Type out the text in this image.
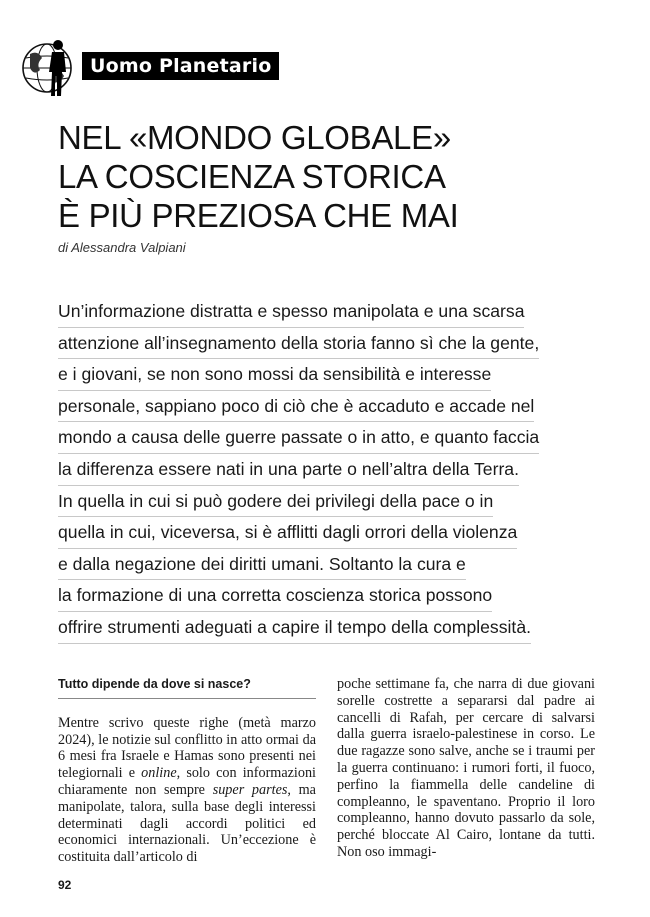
Uomo Planetario
NEL «MONDO GLOBALE»
LA COSCIENZA STORICA
È PIÙ PREZIOSA CHE MAI
di Alessandra Valpiani
Un’informazione distratta e spesso manipolata e una scarsa
attenzione all’insegnamento della storia fanno sì che la gente,
e i giovani, se non sono mossi da sensibilità e interesse
personale, sappiano poco di ciò che è accaduto e accade nel
mondo a causa delle guerre passate o in atto, e quanto faccia
la differenza essere nati in una parte o nell’altra della Terra.
In quella in cui si può godere dei privilegi della pace o in
quella in cui, viceversa, si è afflitti dagli orrori della violenza
e dalla negazione dei diritti umani. Soltanto la cura e
la formazione di una corretta coscienza storica possono
offrire strumenti adeguati a capire il tempo della complessità.
Tutto dipende da dove si nasce?

Mentre scrivo queste righe (metà marzo 2024), le notizie sul conflitto in atto ormai da 6 mesi fra Israele e Hamas sono presenti nei telegiornali e online, solo con informazioni chiaramente non sempre super partes, ma manipolate, talora, sulla base degli interessi determinati dagli accordi politici ed economici internazionali. Un’eccezione è costituita dall’articolo di

poche settimane fa, che narra di due giovani sorelle costrette a separarsi dal padre ai cancelli di Rafah, per cercare di salvarsi dalla guerra israelo-palestinese in corso. Le due ragazze sono salve, anche se i traumi per la guerra continuano: i rumori forti, il fuoco, perfino la fiammella delle candeline di compleanno, le spaventano. Proprio il loro compleanno, hanno dovuto passarlo da sole, perché bloccate Al Cairo, lontane da tutti. Non oso immagi-

92
